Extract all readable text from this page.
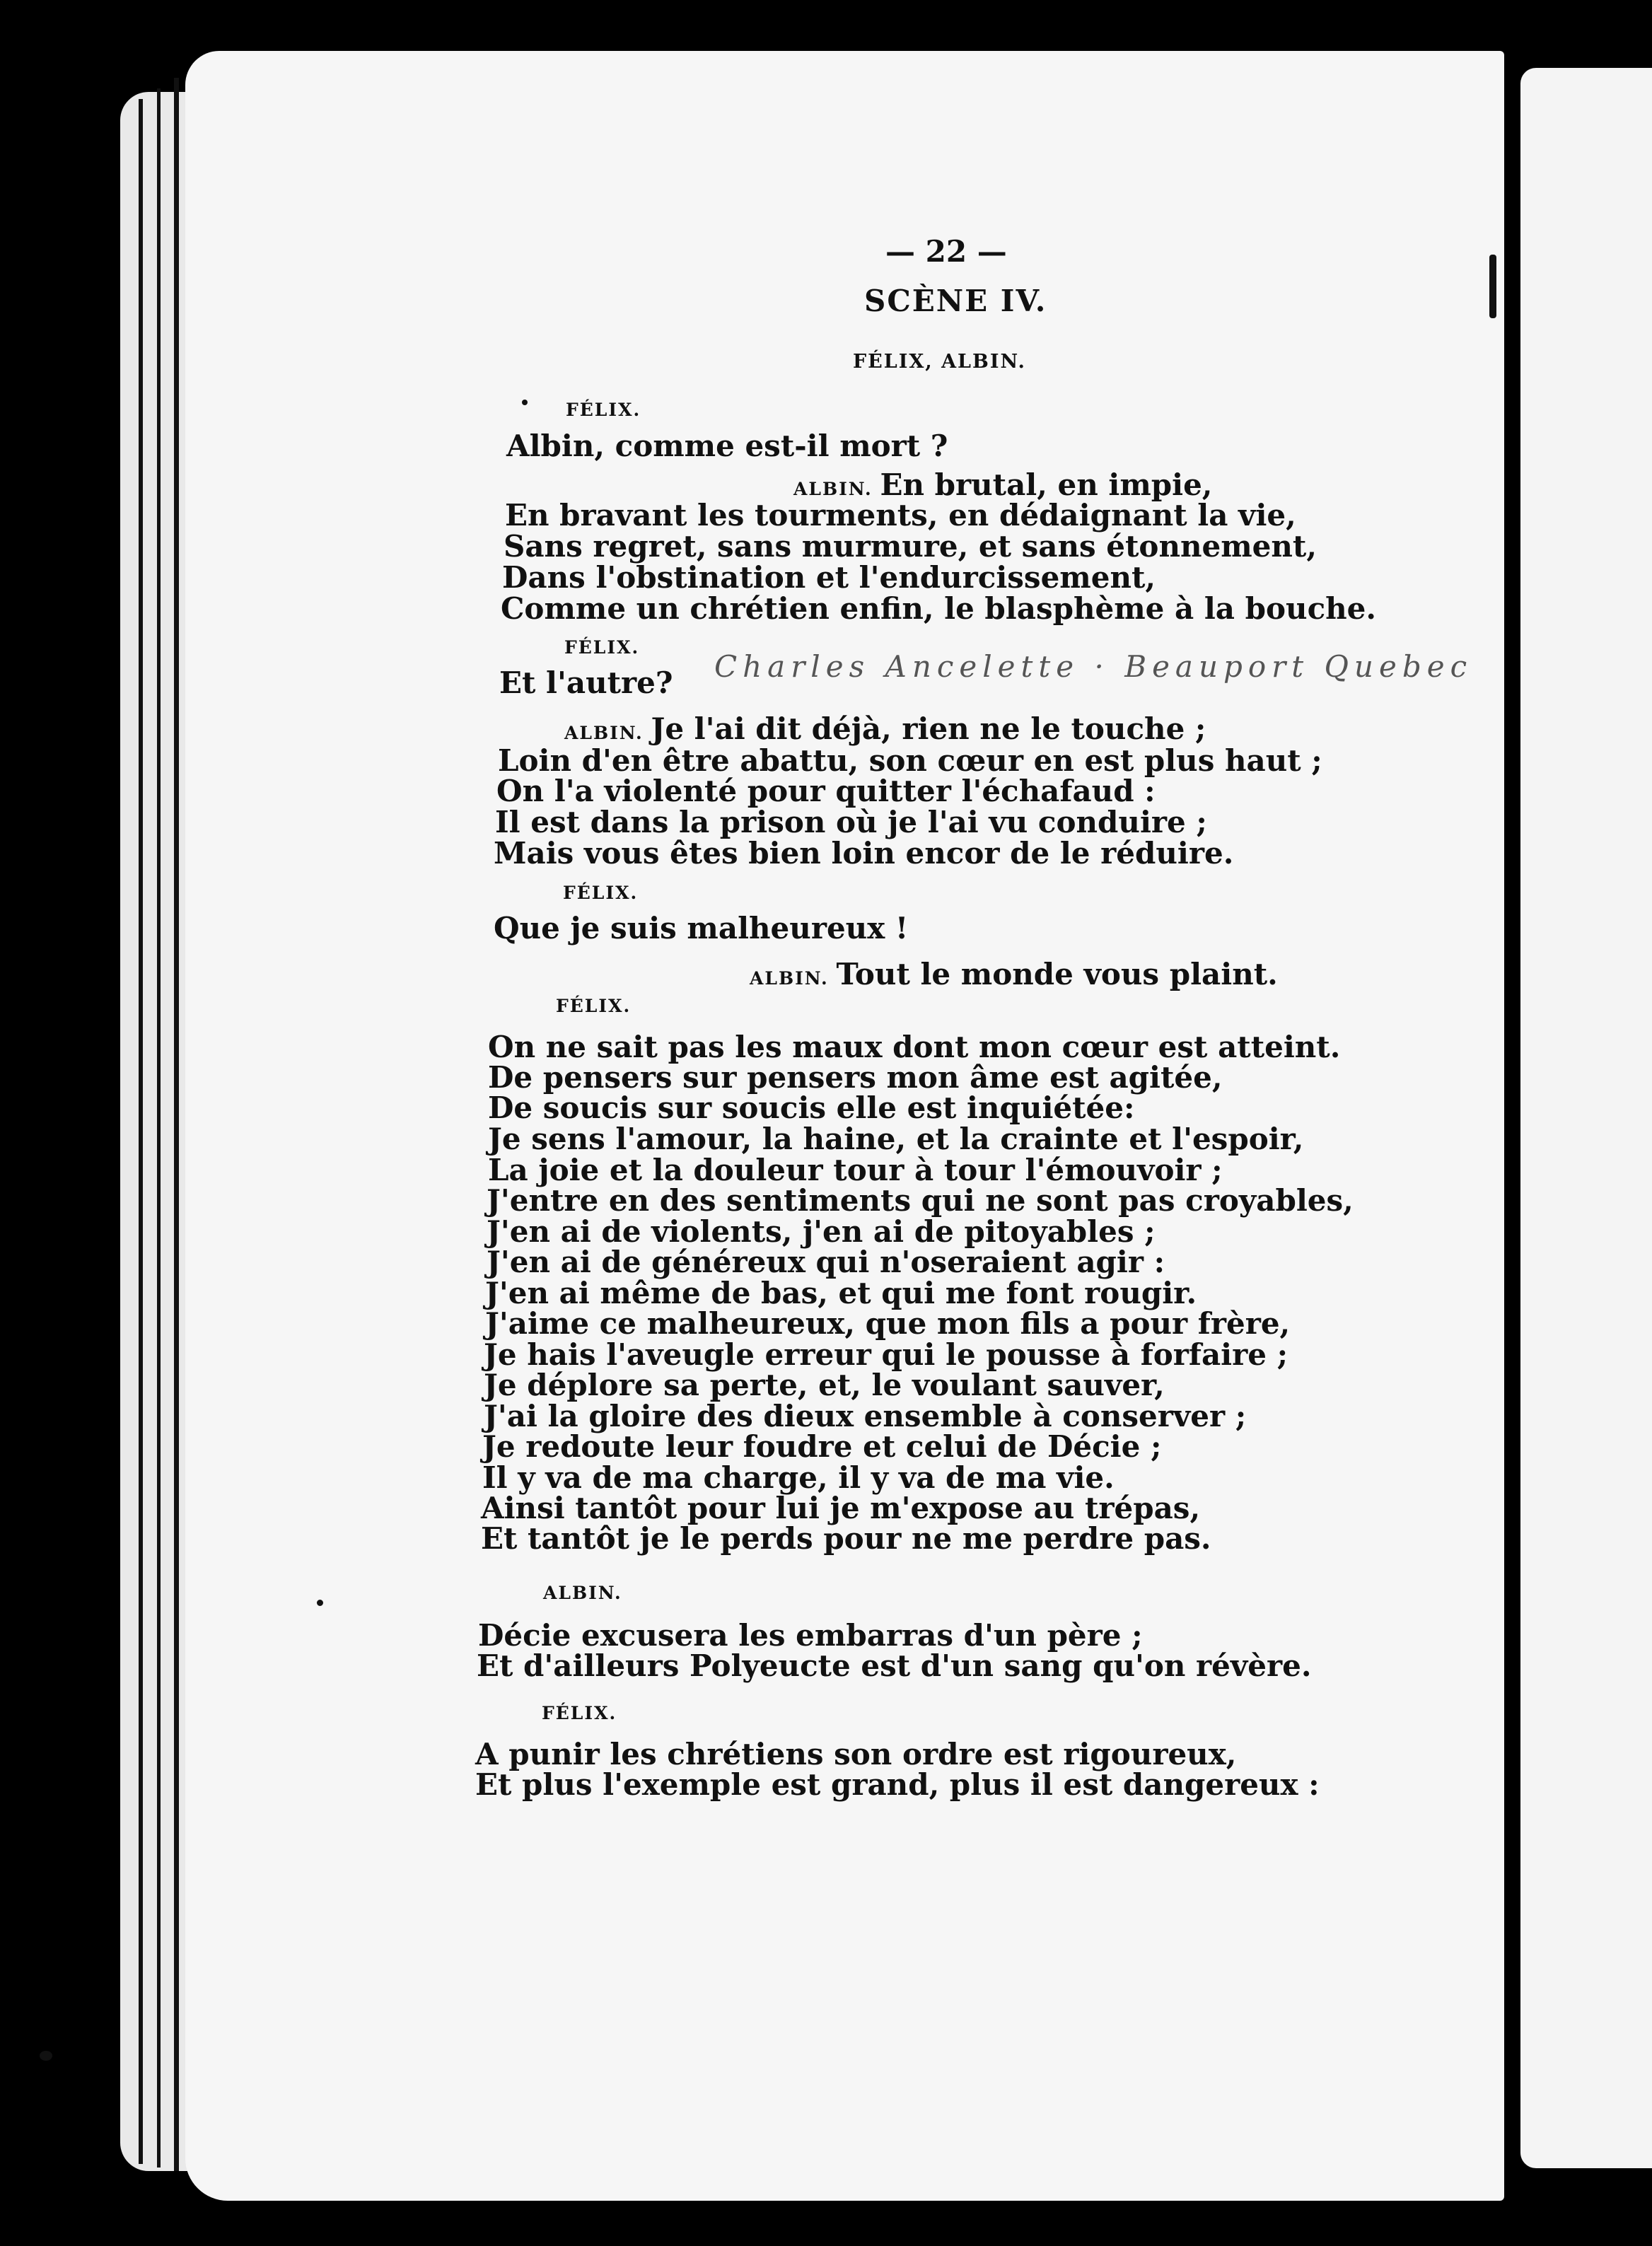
— 22 —
SCÈNE IV.
FÉLIX, ALBIN.
Charles Ancelette · Beauport Quebec
FÉLIX.
Albin, comme est-il mort ?
ALBIN. En brutal, en impie,
En bravant les tourments, en dédaignant la vie,
Sans regret, sans murmure, et sans étonnement,
Dans l'obstination et l'endurcissement,
Comme un chrétien enfin, le blasphème à la bouche.
FÉLIX.
Et l'autre?
ALBIN. Je l'ai dit déjà, rien ne le touche ;
Loin d'en être abattu, son cœur en est plus haut ;
On l'a violenté pour quitter l'échafaud :
Il est dans la prison où je l'ai vu conduire ;
Mais vous êtes bien loin encor de le réduire.
FÉLIX.
Que je suis malheureux !
ALBIN. Tout le monde vous plaint.
FÉLIX.
On ne sait pas les maux dont mon cœur est atteint.
De pensers sur pensers mon âme est agitée,
De soucis sur soucis elle est inquiétée:
Je sens l'amour, la haine, et la crainte et l'espoir,
La joie et la douleur tour à tour l'émouvoir ;
J'entre en des sentiments qui ne sont pas croyables,
J'en ai de violents, j'en ai de pitoyables ;
J'en ai de généreux qui n'oseraient agir :
J'en ai même de bas, et qui me font rougir.
J'aime ce malheureux, que mon fils a pour frère,
Je hais l'aveugle erreur qui le pousse à forfaire ;
Je déplore sa perte, et, le voulant sauver,
J'ai la gloire des dieux ensemble à conserver ;
Je redoute leur foudre et celui de Décie ;
Il y va de ma charge, il y va de ma vie.
Ainsi tantôt pour lui je m'expose au trépas,
Et tantôt je le perds pour ne me perdre pas.
ALBIN.
Décie excusera les embarras d'un père ;
Et d'ailleurs Polyeucte est d'un sang qu'on révère.
FÉLIX.
A punir les chrétiens son ordre est rigoureux,
Et plus l'exemple est grand, plus il est dangereux :
